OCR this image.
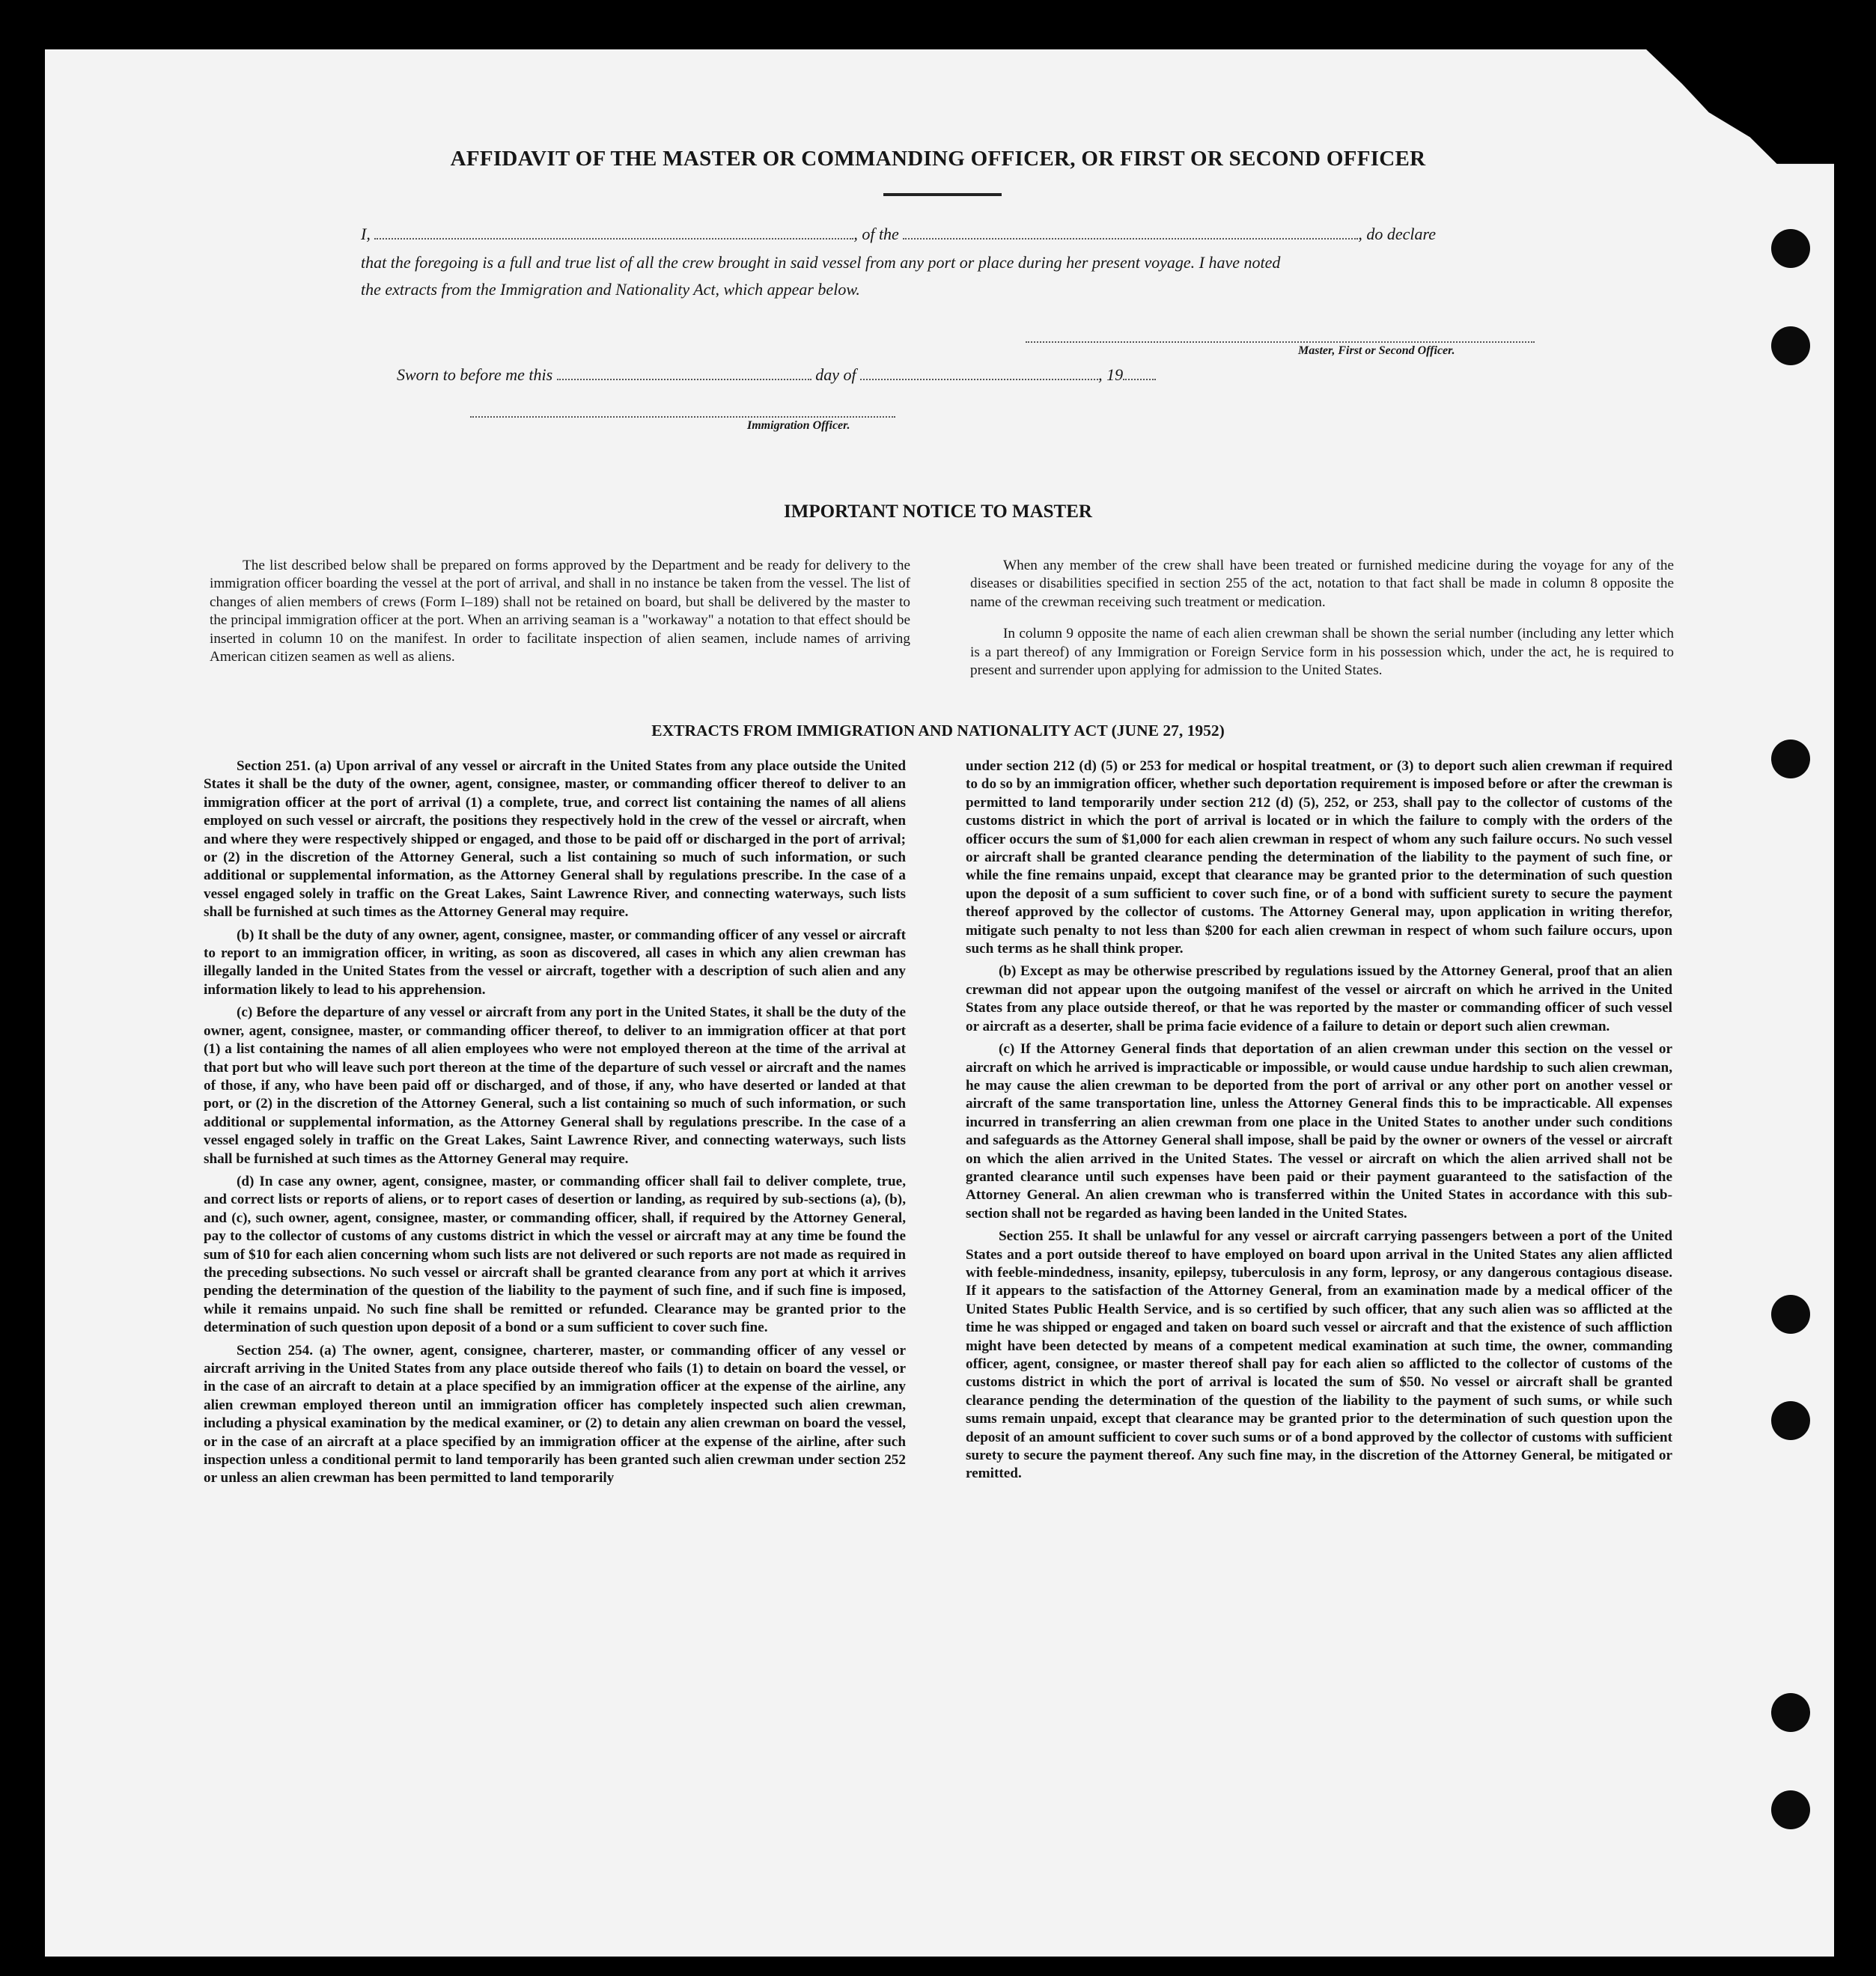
AFFIDAVIT OF THE MASTER OR COMMANDING OFFICER, OR FIRST OR SECOND OFFICER
I,	, of the	, do declare
that the foregoing is a full and true list of all the crew brought in said vessel from any port or place during her present voyage. I have noted
the extracts from the Immigration and Nationality Act, which appear below.
Master, First or Second Officer.
Sworn to before me this	day of	, 19
Immigration Officer.
IMPORTANT NOTICE TO MASTER

The list described below shall be prepared on forms approved by the Department and be ready for delivery to the immigration officer boarding the vessel at the port of arrival, and shall in no instance be taken from the vessel. The list of changes of alien members of crews (Form I–189) shall not be retained on board, but shall be delivered by the master to the principal immigration officer at the port. When an arriving seaman is a "workaway" a notation to that effect should be inserted in column 10 on the manifest. In order to facilitate inspection of alien seamen, include names of arriving American citizen seamen as well as aliens.

When any member of the crew shall have been treated or furnished medicine during the voyage for any of the diseases or disabilities specified in section 255 of the act, notation to that fact shall be made in column 8 opposite the name of the crewman receiving such treatment or medication.

In column 9 opposite the name of each alien crewman shall be shown the serial number (including any letter which is a part thereof) of any Immigration or Foreign Service form in his possession which, under the act, he is required to present and surrender upon applying for admission to the United States.

EXTRACTS FROM IMMIGRATION AND NATIONALITY ACT (JUNE 27, 1952)

Section 251. (a) Upon arrival of any vessel or aircraft in the United States from any place outside the United States it shall be the duty of the owner, agent, consignee, master, or commanding officer thereof to deliver to an immigration officer at the port of arrival (1) a complete, true, and correct list containing the names of all aliens employed on such vessel or aircraft, the positions they respectively hold in the crew of the vessel or aircraft, when and where they were respectively shipped or engaged, and those to be paid off or discharged in the port of arrival; or (2) in the discretion of the Attorney General, such a list containing so much of such information, or such additional or supplemental information, as the Attorney General shall by regulations prescribe. In the case of a vessel engaged solely in traffic on the Great Lakes, Saint Lawrence River, and connecting waterways, such lists shall be furnished at such times as the Attorney General may require.

(b) It shall be the duty of any owner, agent, consignee, master, or commanding officer of any vessel or aircraft to report to an immigration officer, in writing, as soon as discovered, all cases in which any alien crewman has illegally landed in the United States from the vessel or aircraft, together with a description of such alien and any information likely to lead to his apprehension.

(c) Before the departure of any vessel or aircraft from any port in the United States, it shall be the duty of the owner, agent, consignee, master, or commanding officer thereof, to deliver to an immigration officer at that port (1) a list containing the names of all alien employees who were not employed thereon at the time of the arrival at that port but who will leave such port thereon at the time of the departure of such vessel or aircraft and the names of those, if any, who have been paid off or discharged, and of those, if any, who have deserted or landed at that port, or (2) in the discretion of the Attorney General, such a list containing so much of such information, or such additional or supplemental information, as the Attorney General shall by regulations prescribe. In the case of a vessel engaged solely in traffic on the Great Lakes, Saint Lawrence River, and connecting waterways, such lists shall be furnished at such times as the Attorney General may require.

(d) In case any owner, agent, consignee, master, or commanding officer shall fail to deliver complete, true, and correct lists or reports of aliens, or to report cases of desertion or landing, as required by sub-sections (a), (b), and (c), such owner, agent, consignee, master, or commanding officer, shall, if required by the Attorney General, pay to the collector of customs of any customs district in which the vessel or aircraft may at any time be found the sum of $10 for each alien concerning whom such lists are not delivered or such reports are not made as required in the preceding subsections. No such vessel or aircraft shall be granted clearance from any port at which it arrives pending the determination of the question of the liability to the payment of such fine, and if such fine is imposed, while it remains unpaid. No such fine shall be remitted or refunded. Clearance may be granted prior to the determination of such question upon deposit of a bond or a sum sufficient to cover such fine.

Section 254. (a) The owner, agent, consignee, charterer, master, or commanding officer of any vessel or aircraft arriving in the United States from any place outside thereof who fails (1) to detain on board the vessel, or in the case of an aircraft to detain at a place specified by an immigration officer at the expense of the airline, any alien crewman employed thereon until an immigration officer has completely inspected such alien crewman, including a physical examination by the medical examiner, or (2) to detain any alien crewman on board the vessel, or in the case of an aircraft at a place specified by an immigration officer at the expense of the airline, after such inspection unless a conditional permit to land temporarily has been granted such alien crewman under section 252 or unless an alien crewman has been permitted to land temporarily

under section 212 (d) (5) or 253 for medical or hospital treatment, or (3) to deport such alien crewman if required to do so by an immigration officer, whether such deportation requirement is imposed before or after the crewman is permitted to land temporarily under section 212 (d) (5), 252, or 253, shall pay to the collector of customs of the customs district in which the port of arrival is located or in which the failure to comply with the orders of the officer occurs the sum of $1,000 for each alien crewman in respect of whom any such failure occurs. No such vessel or aircraft shall be granted clearance pending the determination of the liability to the payment of such fine, or while the fine remains unpaid, except that clearance may be granted prior to the determination of such question upon the deposit of a sum sufficient to cover such fine, or of a bond with sufficient surety to secure the payment thereof approved by the collector of customs. The Attorney General may, upon application in writing therefor, mitigate such penalty to not less than $200 for each alien crewman in respect of whom such failure occurs, upon such terms as he shall think proper.

(b) Except as may be otherwise prescribed by regulations issued by the Attorney General, proof that an alien crewman did not appear upon the outgoing manifest of the vessel or aircraft on which he arrived in the United States from any place outside thereof, or that he was reported by the master or commanding officer of such vessel or aircraft as a deserter, shall be prima facie evidence of a failure to detain or deport such alien crewman.

(c) If the Attorney General finds that deportation of an alien crewman under this section on the vessel or aircraft on which he arrived is impracticable or impossible, or would cause undue hardship to such alien crewman, he may cause the alien crewman to be deported from the port of arrival or any other port on another vessel or aircraft of the same transportation line, unless the Attorney General finds this to be impracticable. All expenses incurred in transferring an alien crewman from one place in the United States to another under such conditions and safeguards as the Attorney General shall impose, shall be paid by the owner or owners of the vessel or aircraft on which the alien arrived in the United States. The vessel or aircraft on which the alien arrived shall not be granted clearance until such expenses have been paid or their payment guaranteed to the satisfaction of the Attorney General. An alien crewman who is transferred within the United States in accordance with this sub-section shall not be regarded as having been landed in the United States.

Section 255. It shall be unlawful for any vessel or aircraft carrying passengers between a port of the United States and a port outside thereof to have employed on board upon arrival in the United States any alien afflicted with feeble-mindedness, insanity, epilepsy, tuberculosis in any form, leprosy, or any dangerous contagious disease. If it appears to the satisfaction of the Attorney General, from an examination made by a medical officer of the United States Public Health Service, and is so certified by such officer, that any such alien was so afflicted at the time he was shipped or engaged and taken on board such vessel or aircraft and that the existence of such affliction might have been detected by means of a competent medical examination at such time, the owner, commanding officer, agent, consignee, or master thereof shall pay for each alien so afflicted to the collector of customs of the customs district in which the port of arrival is located the sum of $50. No vessel or aircraft shall be granted clearance pending the determination of the question of the liability to the payment of such sums, or while such sums remain unpaid, except that clearance may be granted prior to the determination of such question upon the deposit of an amount sufficient to cover such sums or of a bond approved by the collector of customs with sufficient surety to secure the payment thereof. Any such fine may, in the discretion of the Attorney General, be mitigated or remitted.
